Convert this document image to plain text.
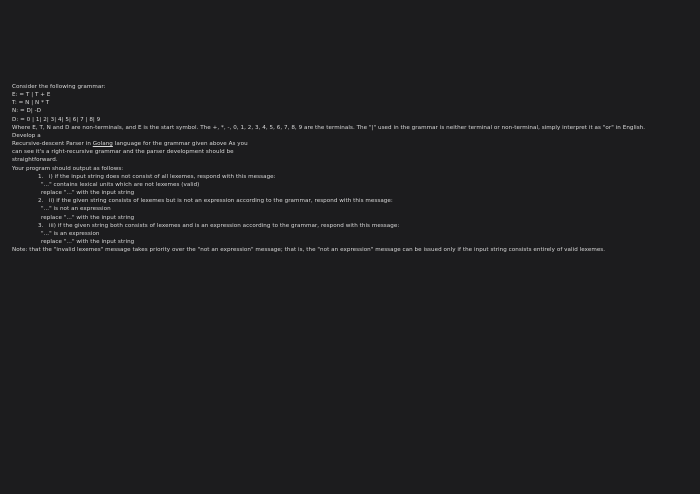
Consider the following grammar:
E: = T | T + E
T: = N | N * T
N: = D| -D
D: = 0 | 1| 2| 3| 4| 5| 6| 7 | 8| 9
Where E, T, N and D are non-terminals, and E is the start symbol. The +, *, -, 0, 1, 2, 3, 4, 5, 6, 7, 8, 9 are the terminals. The "|" used in the grammar is neither terminal or non-terminal, simply interpret it as "or" in English.
Develop a
Recursive-descent Parser in Golang language for the grammar given above As you
can see it's a right-recursive grammar and the parser development should be
straightforward.
Your program should output as follows:
1.   i) if the input string does not consist of all lexemes, respond with this message:
"..." contains lexical units which are not lexemes (valid)
replace "..." with the input string
2.   ii) if the given string consists of lexemes but is not an expression according to the grammar, respond with this message:
"..." is not an expression
replace "..." with the input string
3.   iii) if the given string both consists of lexemes and is an expression according to the grammar, respond with this message:
"..." is an expression
replace "..." with the input string
Note: that the "invalid lexemes" message takes priority over the "not an expression" message; that is, the "not an expression" message can be issued only if the input string consists entirely of valid lexemes.
